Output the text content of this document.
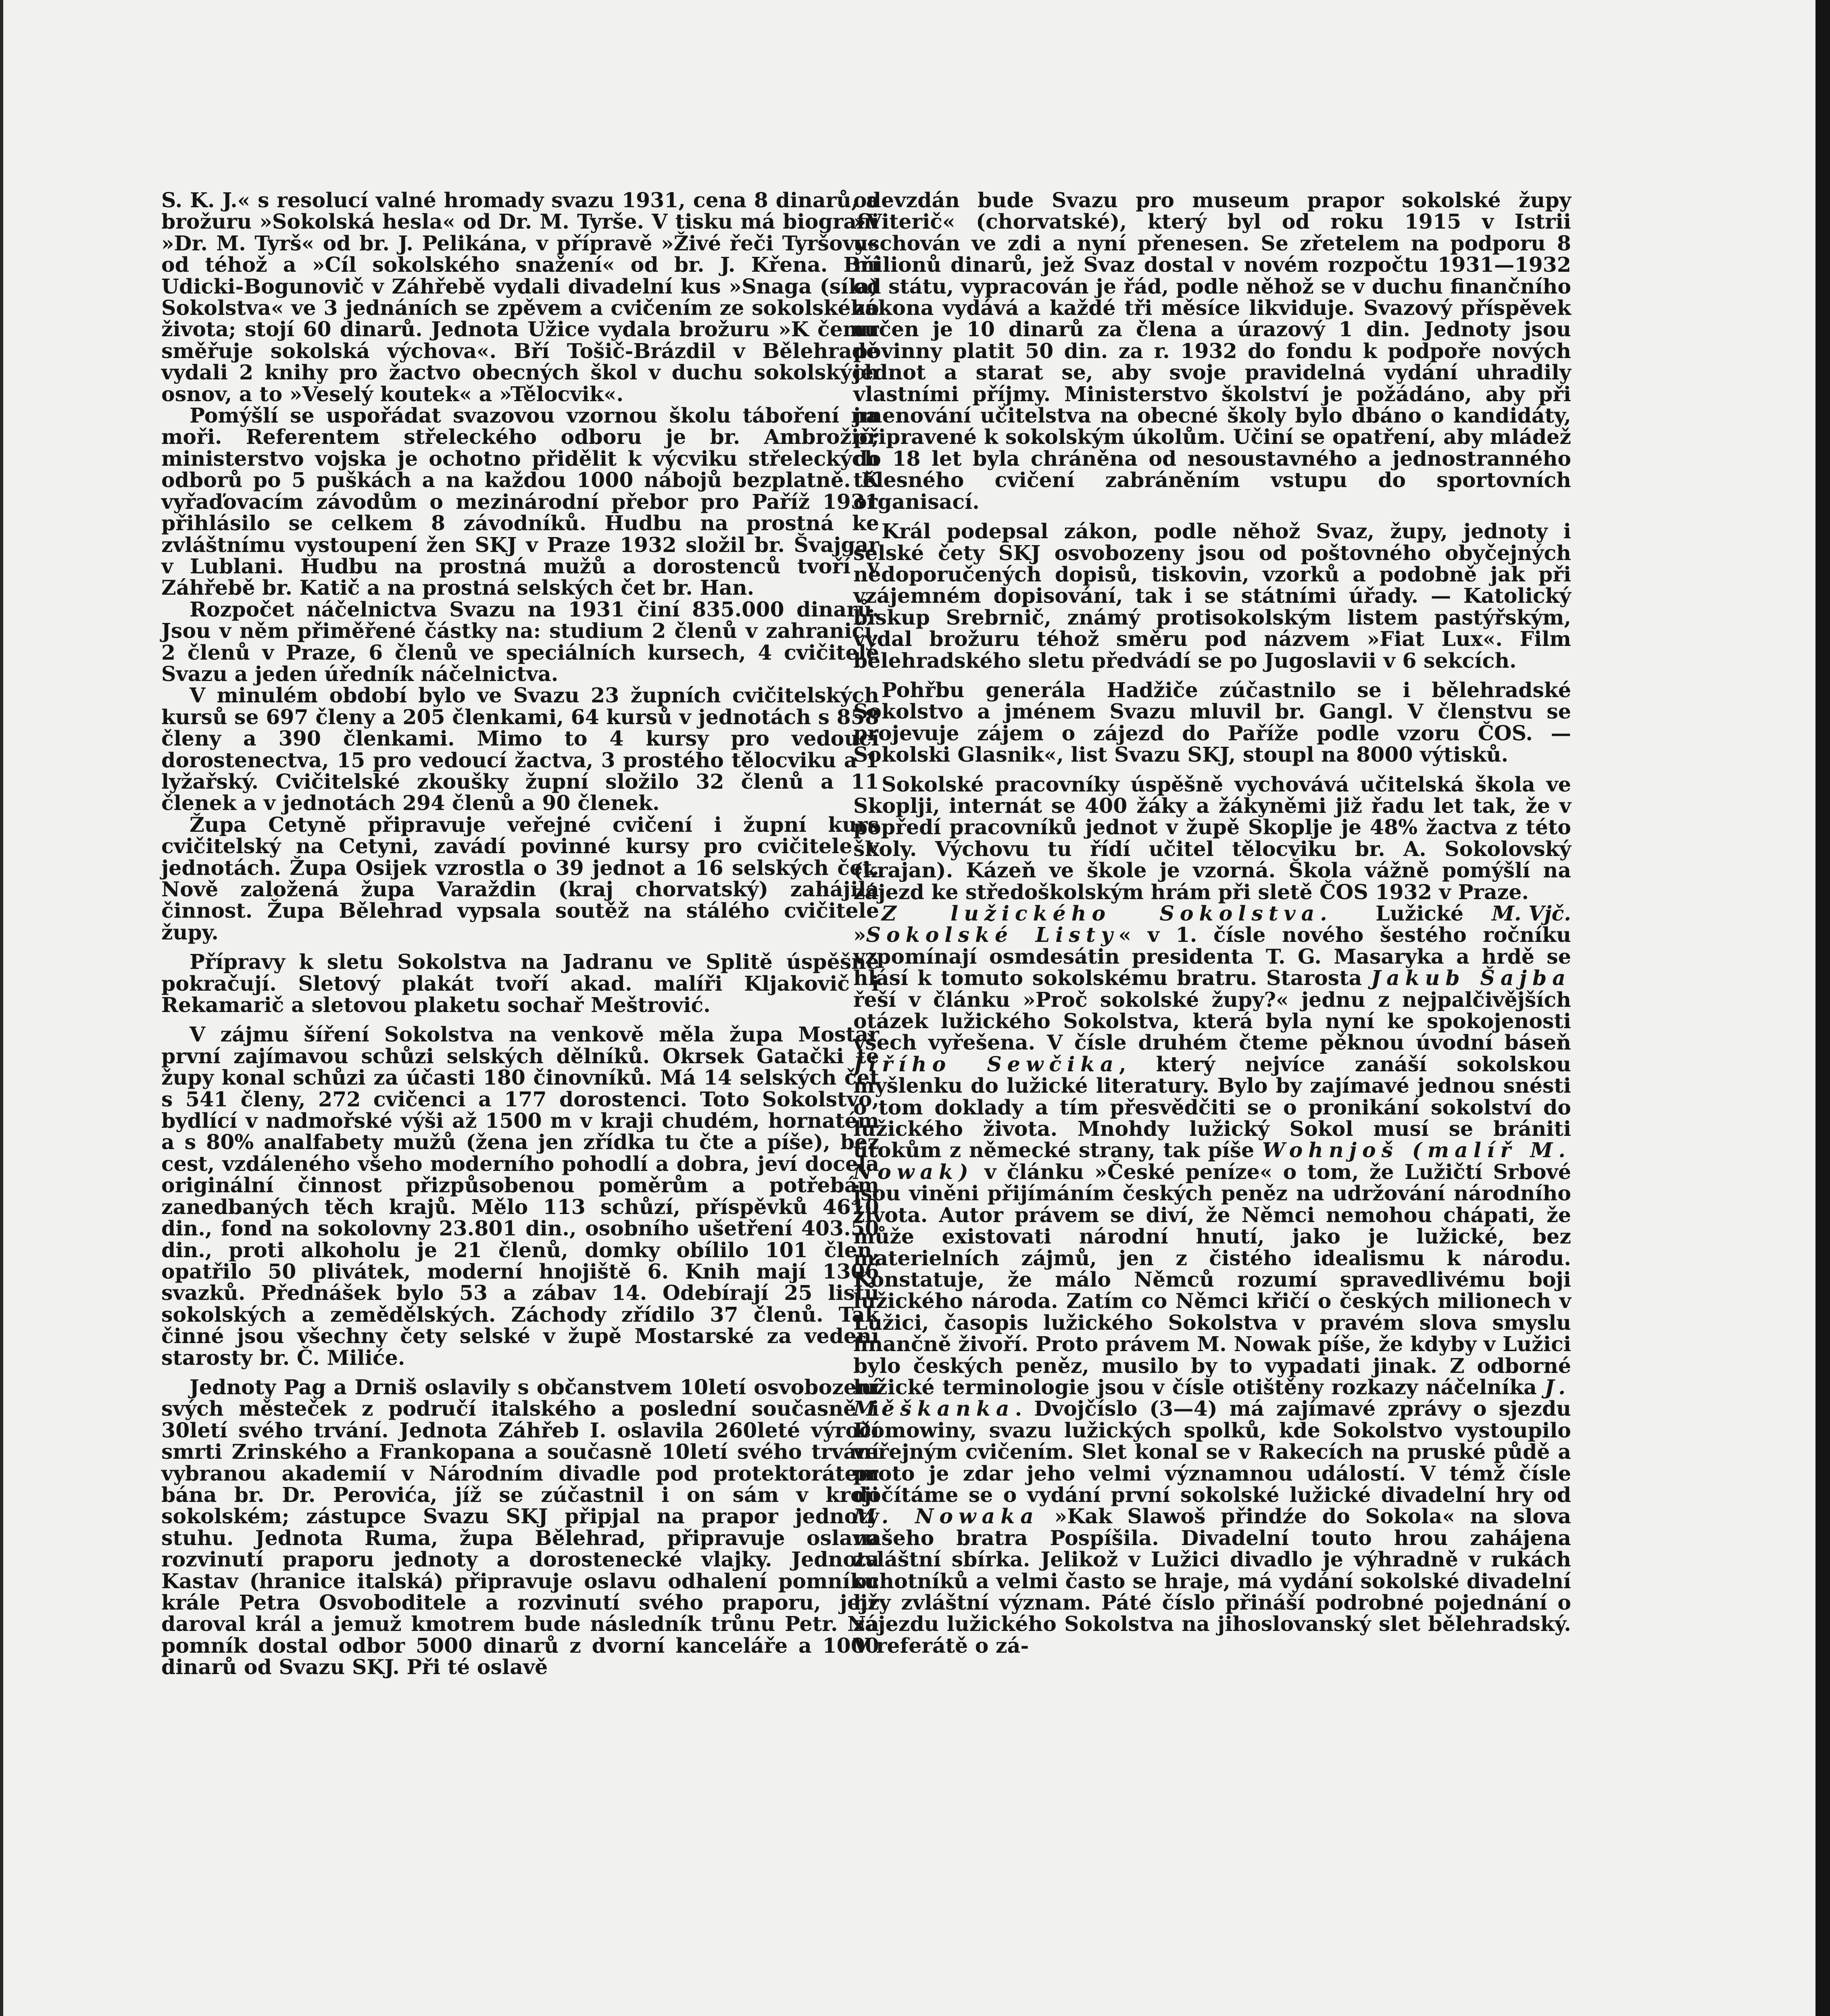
S. K. J.« s resolucí valné hromady svazu 1931, cena 8 dinarů, a brožuru »Sokolská hesla« od Dr. M. Tyrše. V tisku má biografii »Dr. M. Tyrš« od br. J. Pelikána, v přípravě »Živé řeči Tyršovy« od téhož a »Cíl sokolského snažení« od br. J. Křena. Bří Udicki-Bogunovič v Záhřebě vydali divadelní kus »Snaga (síla) Sokolstva« ve 3 jednáních se zpěvem a cvičením ze sokolského života; stojí 60 dinarů. Jednota Užice vydala brožuru »K čemu směřuje sokolská výchova«. Bří Tošič-Brázdil v Bělehradě vydali 2 knihy pro žactvo obecných škol v duchu sokolských osnov, a to »Veselý koutek« a »Tělocvik«.

Pomýšlí se uspořádat svazovou vzornou školu táboření na moři. Referentem střeleckého odboru je br. Ambrožič; ministerstvo vojska je ochotno přidělit k výcviku střeleckých odborů po 5 puškách a na každou 1000 nábojů bezplatně. K vyřaďovacím závodům o mezinárodní přebor pro Paříž 1931 přihlásilo se celkem 8 závodníků. Hudbu na prostná ke zvláštnímu vystoupení žen SKJ v Praze 1932 složil br. Švajgar v Lublani. Hudbu na prostná mužů a dorostenců tvoří v Záhřebě br. Katič a na prostná selských čet br. Han.

Rozpočet náčelnictva Svazu na 1931 činí 835.000 dinarů. Jsou v něm přiměřené částky na: studium 2 členů v zahraničí, 2 členů v Praze, 6 členů ve speciálních kursech, 4 cvičitelé Svazu a jeden úředník náčelnictva.

V minulém období bylo ve Svazu 23 župních cvičitelských kursů se 697 členy a 205 členkami, 64 kursů v jednotách s 858 členy a 390 členkami. Mimo to 4 kursy pro vedoucí dorostenectva, 15 pro vedoucí žactva, 3 prostého tělocviku a 1 lyžařský. Cvičitelské zkoušky župní složilo 32 členů a 11 členek a v jednotách 294 členů a 90 členek.

Župa Cetyně připravuje veřejné cvičení i župní kurs cvičitelský na Cetyni, zavádí povinné kursy pro cvičitele v jednotách. Župa Osijek vzrostla o 39 jednot a 16 selských čet. Nově založená župa Varaždin (kraj chorvatský) zahájila činnost. Župa Bělehrad vypsala soutěž na stálého cvičitele župy.

Přípravy k sletu Sokolstva na Jadranu ve Splitě úspěšně pokračují. Sletový plakát tvoří akad. malíři Kljakovič i Rekamarič a sletovou plaketu sochař Meštrović.

V zájmu šíření Sokolstva na venkově měla župa Mostar první zajímavou schůzi selských dělníků. Okrsek Gatački té župy konal schůzi za účasti 180 činovníků. Má 14 selských čet s 541 členy, 272 cvičenci a 177 dorostenci. Toto Sokolstvo, bydlící v nadmořské výši až 1500 m v kraji chudém, hornatém a s 80% analfabety mužů (žena jen zřídka tu čte a píše), bez cest, vzdáleného všeho moderního pohodlí a dobra, jeví docela originální činnost přizpůsobenou poměrům a potřebám zanedbaných těch krajů. Mělo 113 schůzí, příspěvků 4610 din., fond na sokolovny 23.801 din., osobního ušetření 403.50 din., proti alkoholu je 21 členů, domky obílilo 101 člen, opatřilo 50 plivátek, moderní hnojiště 6. Knih mají 1306 svazků. Přednášek bylo 53 a zábav 14. Odebírají 25 listů sokolských a zemědělských. Záchody zřídilo 37 členů. Tak činné jsou všechny čety selské v župě Mostarské za vedení starosty br. Č. Miliće.

Jednoty Pag a Drniš oslavily s občanstvem 10letí osvobození svých městeček z područí italského a poslední současně i 30letí svého trvání. Jednota Záhřeb I. oslavila 260leté výročí smrti Zrinského a Frankopana a současně 10letí svého trvání vybranou akademií v Národním divadle pod protektorátem bána br. Dr. Perovića, jíž se zúčastnil i on sám v kroji sokolském; zástupce Svazu SKJ připjal na prapor jednoty stuhu. Jednota Ruma, župa Bělehrad, připravuje oslavu rozvinutí praporu jednoty a dorostenecké vlajky. Jednota Kastav (hranice italská) připravuje oslavu odhalení pomníku krále Petra Osvoboditele a rozvinutí svého praporu, jejž daroval král a jemuž kmotrem bude následník trůnu Petr. Na pomník dostal odbor 5000 dinarů z dvorní kanceláře a 1000 dinarů od Svazu SKJ. Při té oslavě

odevzdán bude Svazu pro museum prapor sokolské župy »Viterič« (chorvatské), který byl od roku 1915 v Istrii uschován ve zdi a nyní přenesen. Se zřetelem na podporu 8 milionů dinarů, jež Svaz dostal v novém rozpočtu 1931—1932 od státu, vypracován je řád, podle něhož se v duchu finančního zákona vydává a každé tři měsíce likviduje. Svazový příspěvek určen je 10 dinarů za člena a úrazový 1 din. Jednoty jsou povinny platit 50 din. za r. 1932 do fondu k podpoře nových jednot a starat se, aby svoje pravidelná vydání uhradily vlastními příjmy. Ministerstvo školství je požádáno, aby při jmenování učitelstva na obecné školy bylo dbáno o kandidáty, připravené k sokolským úkolům. Učiní se opatření, aby mládež do 18 let byla chráněna od nesoustavného a jednostranného tělesného cvičení zabráněním vstupu do sportovních organisací.

Král podepsal zákon, podle něhož Svaz, župy, jednoty i selské čety SKJ osvobozeny jsou od poštovného obyčejných nedoporučených dopisů, tiskovin, vzorků a podobně jak při vzájemném dopisování, tak i se státními úřady. — Katolický biskup Srebrnič, známý protisokolským listem pastýřským, vydal brožuru téhož směru pod názvem »Fiat Lux«. Film bělehradského sletu předvádí se po Jugoslavii v 6 sekcích.

Pohřbu generála Hadžiče zúčastnilo se i bělehradské Sokolstvo a jménem Svazu mluvil br. Gangl. V členstvu se projevuje zájem o zájezd do Paříže podle vzoru ČOS. — Sokolski Glasnik«, list Svazu SKJ, stoupl na 8000 výtisků.

Sokolské pracovníky úspěšně vychovává učitelská škola ve Skoplji, internát se 400 žáky a žákyněmi již řadu let tak, že v popředí pracovníků jednot v župě Skoplje je 48% žactva z této školy. Výchovu tu řídí učitel tělocviku br. A. Sokolovský (krajan). Kázeň ve škole je vzorná. Škola vážně pomýšlí na zájezd ke středoškolským hrám při sletě ČOS 1932 v Praze.
M. Vjč.

Z lužického Sokolstva. Lužické »Sokolské Listy« v 1. čísle nového šestého ročníku vzpomínají osmdesátin presidenta T. G. Masaryka a hrdě se hlásí k tomuto sokolskému bratru. Starosta Jakub Šajba řeší v článku »Proč sokolské župy?« jednu z nejpalčivějších otázek lužického Sokolstva, která byla nyní ke spokojenosti všech vyřešena. V čísle druhém čteme pěknou úvodní báseň Jiřího Sewčika, který nejvíce zanáší sokolskou myšlenku do lužické literatury. Bylo by zajímavé jednou snésti o tom doklady a tím přesvědčiti se o pronikání sokolství do lužického života. Mnohdy lužický Sokol musí se brániti útokům z německé strany, tak píše Wohnjoš (malíř M. Nowak) v článku »České peníze« o tom, že Lužičtí Srbové jsou viněni přijímáním českých peněz na udržování národního života. Autor právem se diví, že Němci nemohou chápati, že může existovati národní hnutí, jako je lužické, bez materielních zájmů, jen z čistého idealismu k národu. Konstatuje, že málo Němců rozumí spravedlivému boji lužického národa. Zatím co Němci křičí o českých milionech v Lužici, časopis lužického Sokolstva v pravém slova smyslu finančně živoří. Proto právem M. Nowak píše, že kdyby v Lužici bylo českých peněz, musilo by to vypadati jinak. Z odborné lužické terminologie jsou v čísle otištěny rozkazy náčelníka J. Měškanka. Dvojčíslo (3—4) má zajímavé zprávy o sjezdu Domowiny, svazu lužických spolků, kde Sokolstvo vystoupilo veřejným cvičením. Slet konal se v Rakecích na pruské půdě a proto je zdar jeho velmi významnou událostí. V témž čísle dočítáme se o vydání první sokolské lužické divadelní hry od M. Nowaka »Kak Slawoš přindźe do Sokola« na slova našeho bratra Pospíšila. Divadelní touto hrou zahájena zvláštní sbírka. Jelikož v Lužici divadlo je výhradně v rukách ochotníků a velmi často se hraje, má vydání sokolské divadelní hry zvláštní význam. Páté číslo přináší podrobné pojednání o zájezdu lužického Sokolstva na jihoslovanský slet bělehradský. V referátě o zá-
